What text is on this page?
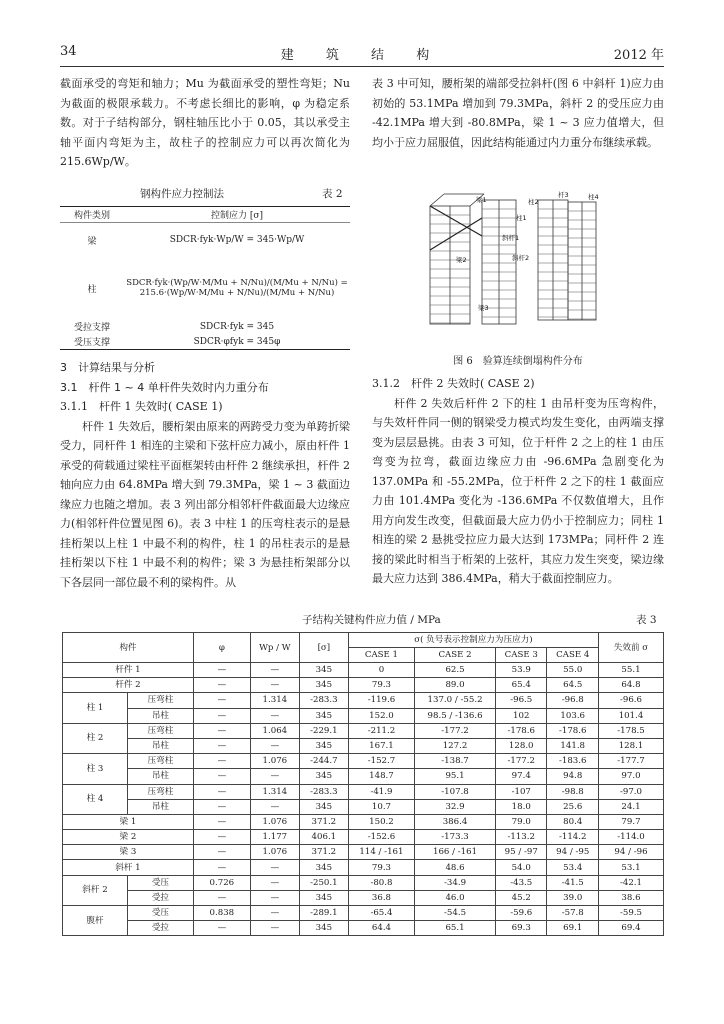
34	建 筑 结 构	2012 年

截面承受的弯矩和轴力；Mu 为截面承受的塑性弯矩；Nu 为截面的极限承载力。不考虑长细比的影响，φ 为稳定系数。对于子结构部分，钢柱轴压比小于 0.05，其以承受主轴平面内弯矩为主，故柱子的控制应力可以再次简化为 215.6Wp/W。

钢构件应力控制法	表 2
构件类别	控制应力 [σ]
梁	SDCR·fyk·Wp/W = 345·Wp/W
柱	SDCR·fyk·(Wp/W·M/Mu + N/Nu)/(M/Mu + N/Nu) = 215.6·(Wp/W·M/Mu + N/Nu)/(M/Mu + N/Nu)
受拉支撑	SDCR·fyk = 345
受压支撑	SDCR·φfyk = 345φ

3　计算结果与分析

3.1　杆件 1 ~ 4 单杆件失效时内力重分布

3.1.1　杆件 1 失效时( CASE 1)

杆件 1 失效后，腰桁架由原来的两跨受力变为单跨折梁受力，同杆件 1 相连的主梁和下弦杆应力减小，原由杆件 1 承受的荷载通过梁柱平面框架转由杆件 2 继续承担，杆件 2 轴向应力由 64.8MPa 增大到 79.3MPa，梁 1 ~ 3 截面边缘应力也随之增加。表 3 列出部分相邻杆件截面最大边缘应力(相邻杆件位置见图 6)。表 3 中柱 1 的压弯柱表示的是悬挂桁架以上柱 1 中最不利的构件，柱 1 的吊柱表示的是悬挂桁架以下柱 1 中最不利的构件；梁 3 为悬挂桁架部分以下各层同一部位最不利的梁构件。从

表 3 中可知，腰桁架的端部受拉斜杆(图 6 中斜杆 1)应力由初始的 53.1MPa 增加到 79.3MPa，斜杆 2 的受压应力由 -42.1MPa 增大到 -80.8MPa，梁 1 ~ 3 应力值增大，但均小于应力屈服值，因此结构能通过内力重分布继续承载。

梁1	柱2
杆3	柱4
柱1
斜杆1
梁2	斜杆2
梁3
图 6　验算连续倒塌构件分布

3.1.2　杆件 2 失效时( CASE 2)

杆件 2 失效后杆件 2 下的柱 1 由吊杆变为压弯构件，与失效杆件同一侧的钢梁受力模式均发生变化，由两端支撑变为层层悬挑。由表 3 可知，位于杆件 2 之上的柱 1 由压弯变为拉弯，截面边缘应力由 -96.6MPa 急剧变化为 137.0MPa 和 -55.2MPa，位于杆件 2 之下的柱 1 截面应力由 101.4MPa 变化为 -136.6MPa 不仅数值增大，且作用方向发生改变，但截面最大应力仍小于控制应力；同柱 1 相连的梁 2 悬挑受拉应力最大达到 173MPa；同杆件 2 连接的梁此时相当于桁架的上弦杆，其应力发生突变，梁边缘最大应力达到 386.4MPa，稍大于截面控制应力。

子结构关键构件应力值 / MPa	表 3
构件		φ	Wp / W	[σ]	σ( 负号表示控制应力为压应力)				失效前 σ
					CASE 1	CASE 2	CASE 3	CASE 4	
杆件 1		—	—	345	0	62.5	53.9	55.0	55.1
杆件 2		—	—	345	79.3	89.0	65.4	64.5	64.8
柱 1	压弯柱	—	1.314	-283.3	-119.6	137.0 / -55.2	-96.5	-96.8	-96.6
	吊柱	—	—	345	152.0	98.5 / -136.6	102	103.6	101.4
柱 2	压弯柱	—	1.064	-229.1	-211.2	-177.2	-178.6	-178.6	-178.5
	吊柱	—	—	345	167.1	127.2	128.0	141.8	128.1
柱 3	压弯柱	—	1.076	-244.7	-152.7	-138.7	-177.2	-183.6	-177.7
	吊柱	—	—	345	148.7	95.1	97.4	94.8	97.0
柱 4	压弯柱	—	1.314	-283.3	-41.9	-107.8	-107	-98.8	-97.0
	吊柱	—	—	345	10.7	32.9	18.0	25.6	24.1
梁 1		—	1.076	371.2	150.2	386.4	79.0	80.4	79.7
梁 2		—	1.177	406.1	-152.6	-173.3	-113.2	-114.2	-114.0
梁 3		—	1.076	371.2	114 / -161	166 / -161	95 / -97	94 / -95	94 / -96
斜杆 1		—	—	345	79.3	48.6	54.0	53.4	53.1
斜杆 2	受压	0.726	—	-250.1	-80.8	-34.9	-43.5	-41.5	-42.1
	受拉	—	—	345	36.8	46.0	45.2	39.0	38.6
腹杆	受压	0.838	—	-289.1	-65.4	-54.5	-59.6	-57.8	-59.5
	受拉	—	—	345	64.4	65.1	69.3	69.1	69.4
